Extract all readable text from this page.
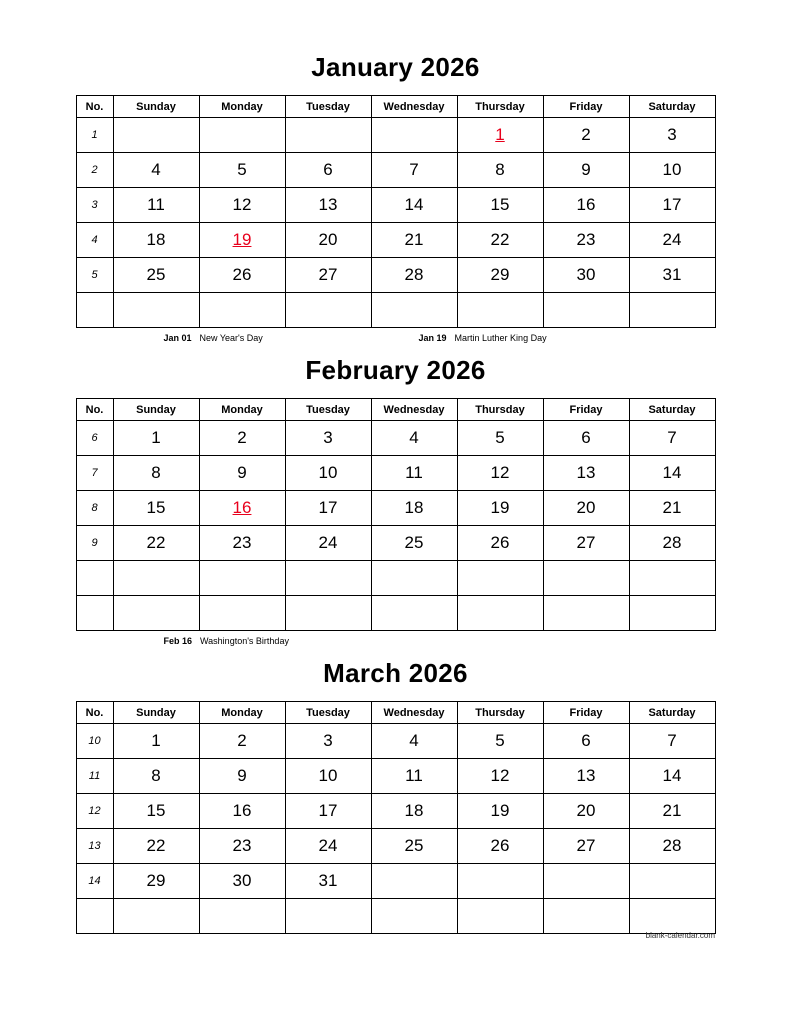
January 2026
No.	Sunday	Monday	Tuesday	Wednesday	Thursday	Friday	Saturday
1					1	2	3
2	4	5	6	7	8	9	10
3	11	12	13	14	15	16	17
4	18	19	20	21	22	23	24
5	25	26	27	28	29	30	31

Jan 01 New Year's Day	Jan 19 Martin Luther King Day
February 2026
No.	Sunday	Monday	Tuesday	Wednesday	Thursday	Friday	Saturday
6	1	2	3	4	5	6	7
7	8	9	10	11	12	13	14
8	15	16	17	18	19	20	21
9	22	23	24	25	26	27	28

Feb 16 Washington's Birthday
March 2026
No.	Sunday	Monday	Tuesday	Wednesday	Thursday	Friday	Saturday
10	1	2	3	4	5	6	7
11	8	9	10	11	12	13	14
12	15	16	17	18	19	20	21
13	22	23	24	25	26	27	28
14	29	30	31				

blank-calendar.com
